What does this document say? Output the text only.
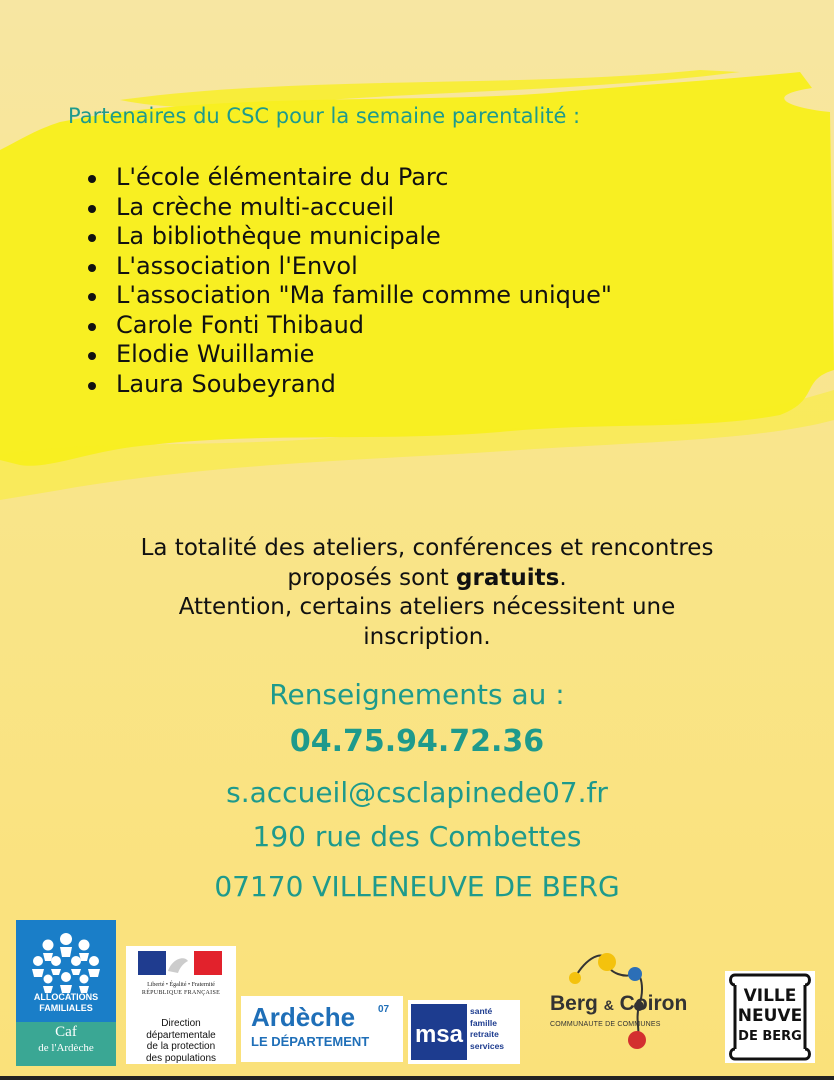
Partenaires du CSC pour la semaine parentalité :
L'école élémentaire du Parc
La crèche multi-accueil
La bibliothèque municipale
L'association l'Envol
L'association "Ma famille comme unique"
Carole Fonti Thibaud
Elodie Wuillamie
Laura Soubeyrand

La totalité des ateliers, conférences et rencontres
proposés sont gratuits.
Attention, certains ateliers nécessitent une
inscription.

Renseignements au :

04.75.94.72.36

s.accueil@csclapinede07.fr

190 rue des Combettes

07170 VILLENEUVE DE BERG

ALLOCATIONS
FAMILIALES
Caf
de l'Ardèche
Liberté • Égalité • Fraternité
RÉPUBLIQUE FRANÇAISE
Direction
départementale
de la protection
des populations
Ardèche 07
LE DÉPARTEMENT msa
santé
famille
retraite
services
Berg & Coiron
COMMUNAUTE DE COMMUNES
VILLE
NEUVE
DE BERG
